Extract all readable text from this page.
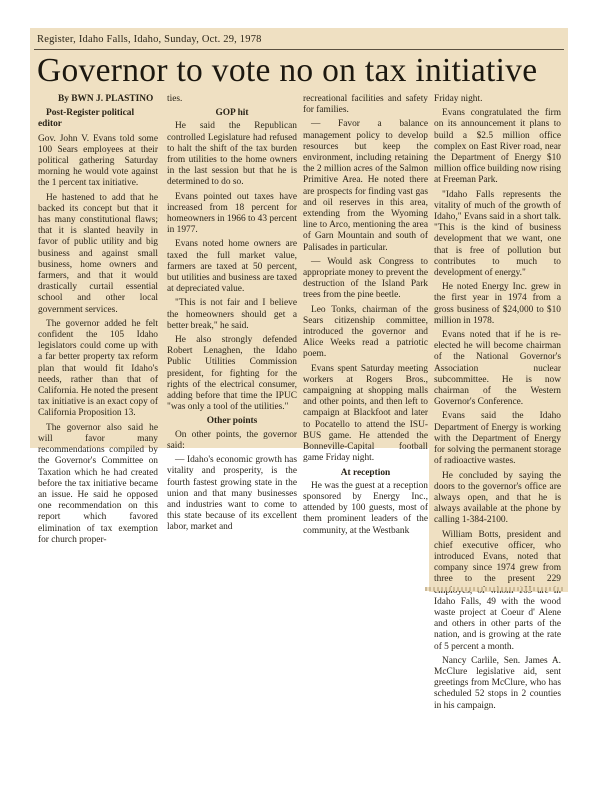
Register, Idaho Falls, Idaho, Sunday, Oct. 29, 1978
Governor to vote no on tax initiative

By BWN J. PLASTINO

Post-Register political editor

Gov. John V. Evans told some 100 Sears employees at their political gathering Saturday morning he would vote against the 1 percent tax initiative.

He hastened to add that he backed its concept but that it has many constitutional flaws; that it is slanted heavily in favor of public utility and big business and against small business, home owners and farmers, and that it would drastically curtail essential school and other local government services.

The governor added he felt confident the 105 Idaho legislators could come up with a far better property tax reform plan that would fit Idaho's needs, rather than that of California. He noted the present tax initiative is an exact copy of California Proposition 13.

The governor also said he will favor many recommendations compiled by the Governor's Committee on Taxation which he had created before the tax initiative became an issue. He said he opposed one recommendation on this report which favored elimination of tax exemption for church proper-

ties.

GOP hit

He said the Republican controlled Legislature had refused to halt the shift of the tax burden from utilities to the home owners in the last session but that he is determined to do so.

Evans pointed out taxes have increased from 18 percent for homeowners in 1966 to 43 percent in 1977.

Evans noted home owners are taxed the full market value, farmers are taxed at 50 percent, but utilities and business are taxed at depreciated value.

"This is not fair and I believe the homeowners should get a better break," he said.

He also strongly defended Robert Lenaghen, the Idaho Public Utilities Commission president, for fighting for the rights of the electrical consumer, adding before that time the IPUC "was only a tool of the utilities."

Other points

On other points, the governor said:

— Idaho's economic growth has vitality and prosperity, is the fourth fastest growing state in the union and that many businesses and industries want to come to this state because of its excellent labor, market and

recreational facilities and safety for families.

— Favor a balance management policy to develop resources but keep the environment, including retaining the 2 million acres of the Salmon Primitive Area. He noted there are prospects for finding vast gas and oil reserves in this area, extending from the Wyoming line to Arco, mentioning the area of Garn Mountain and south of Palisades in particular.

— Would ask Congress to appropriate money to prevent the destruction of the Island Park trees from the pine beetle.

Leo Tonks, chairman of the Sears citizenship committee, introduced the governor and Alice Weeks read a patriotic poem.

Evans spent Saturday meeting workers at Rogers Bros., campaigning at shopping malls and other points, and then left to campaign at Blackfoot and later to Pocatello to attend the ISU-BUS game. He attended the Bonneville-Capital football game Friday night.

At reception

He was the guest at a reception sponsored by Energy Inc., attended by 100 guests, most of them prominent leaders of the community, at the Westbank

Friday night.

Evans congratulated the firm on its announcement it plans to build a $2.5 million office complex on East River road, near the Department of Energy $10 million office building now rising at Freeman Park.

"Idaho Falls represents the vitality of much of the growth of Idaho," Evans said in a short talk. "This is the kind of business development that we want, one that is free of pollution but contributes to much to development of energy."

He noted Energy Inc. grew in the first year in 1974 from a gross business of $24,000 to $10 million in 1978.

Evans noted that if he is re-elected he will become chairman of the National Governor's Association nuclear subcommittee. He is now chairman of the Western Governor's Conference.

Evans said the Idaho Department of Energy is working with the Department of Energy for solving the permanent storage of radioactive wastes.

He concluded by saying the doors to the governor's office are always open, and that he is always available at the phone by calling 1-384-2100.

William Botts, president and chief executive officer, who introduced Evans, noted that company since 1974 grew from three to the present 229 Idaho Falls, 49 with the wood waste project at Coeur d' Alene and others in other parts of the nation, and is growing at the rate of 5 percent a month.

Nancy Carlile, Sen. James A. McClure legislative aid, sent greetings from McClure, who has scheduled 52 stops in 2 counties in his campaign.
